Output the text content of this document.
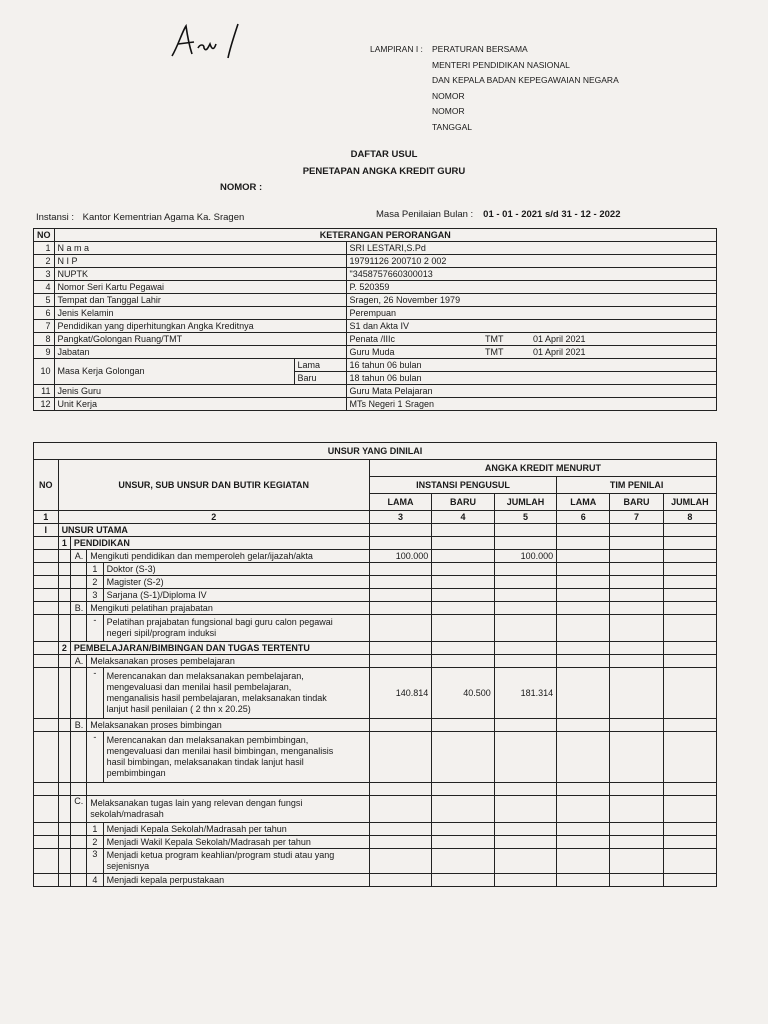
LAMPIRAN I :	PERATURAN BERSAMA
MENTERI PENDIDIKAN NASIONAL
DAN KEPALA BADAN KEPEGAWAIAN NEGARA
NOMOR
NOMOR
TANGGAL
DAFTAR USUL
PENETAPAN ANGKA KREDIT GURU
NOMOR :
Instansi : Kantor Kementrian Agama Ka. Sragen	Masa Penilaian Bulan : 01 - 01 - 2021 s/d 31 - 12 - 2022
NO	KETERANGAN PERORANGAN				
1	N a m a		SRI LESTARI,S.Pd		
2	N I P		19791126 200710 2 002		
3	NUPTK		"3458757660300013		
4	Nomor Seri Kartu Pegawai		P. 520359		
5	Tempat dan Tanggal Lahir		Sragen, 26 November 1979		
6	Jenis Kelamin		Perempuan		
7	Pendidikan yang diperhitungkan Angka Kreditnya		S1 dan Akta IV		
8	Pangkat/Golongan Ruang/TMT		Penata /IIIc	TMT	01 April 2021
9	Jabatan		Guru Muda	TMT	01 April 2021
10	Masa Kerja Golongan	Lama	16 tahun 06 bulan		
		Baru	18 tahun 06 bulan		
11	Jenis Guru		Guru Mata Pelajaran		
12	Unit Kerja		MTs Negeri 1 Sragen		
UNSUR YANG DINILAI										
NO	UNSUR, SUB UNSUR DAN BUTIR KEGIATAN				ANGKA KREDIT MENURUT					
					INSTANSI PENGUSUL			TIM PENILAI		
					LAMA	BARU	JUMLAH	LAMA	BARU	JUMLAH
1	2				3	4	5	6	7	8
I	UNSUR UTAMA									
	1	PENDIDIKAN								
		A.	Mengikuti pendidikan dan memperoleh gelar/ijazah/akta		100.000		100.000			
			1	Doktor (S-3)						
			2	Magister (S-2)						
			3	Sarjana (S-1)/Diploma IV						
		B.	Mengikuti pelatihan prajabatan							
			-	Pelatihan prajabatan fungsional bagi guru calon pegawai
negeri sipil/program induksi						

	2	PEMBELAJARAN/BIMBINGAN DAN TUGAS TERTENTU								
		A.	Melaksanakan proses pembelajaran							
			-	Merencanakan dan melaksanakan pembelajaran,
mengevaluasi dan menilai hasil pembelajaran,
menganalisis hasil pembelajaran, melaksanakan tindak
lanjut hasil penilaian ( 2 thn x 20.25)	140.814	40.500	181.314			
		B.	Melaksanakan proses bimbingan							
			-	Merencanakan dan melaksanakan pembimbingan,
mengevaluasi dan menilai hasil bimbingan, menganalisis
hasil bimbingan, melaksanakan tindak lanjut hasil
pembimbingan						

		C.	Melaksanakan tugas lain yang relevan dengan fungsi
sekolah/madrasah							

			1	Menjadi Kepala Sekolah/Madrasah per tahun						
			2	Menjadi Wakil Kepala Sekolah/Madrasah per tahun						
			3	Menjadi ketua program keahlian/program studi atau yang
sejenisnya						

			4	Menjadi kepala perpustakaan						
